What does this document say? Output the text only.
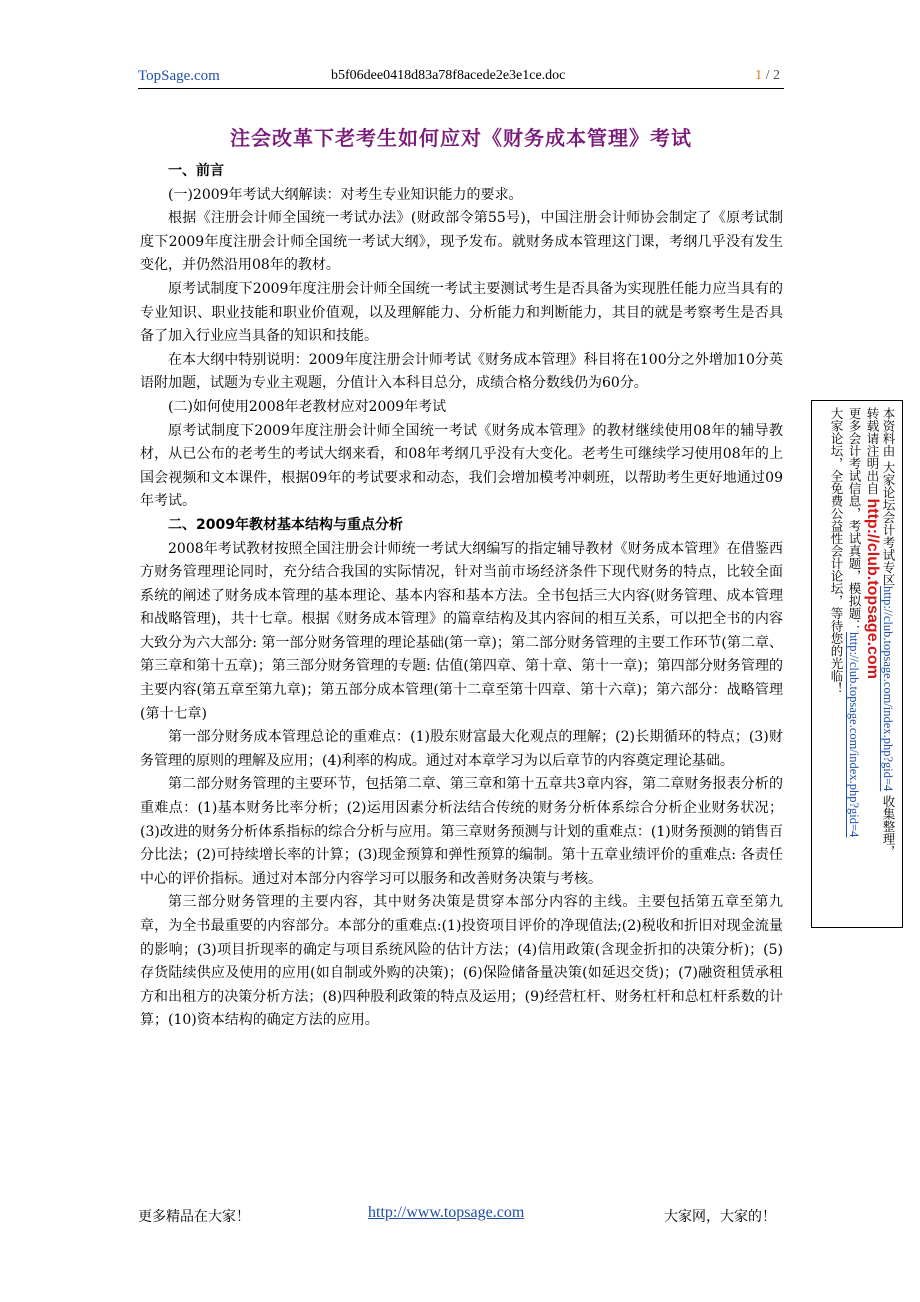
TopSage.com	b5f06dee0418d83a78f8acede2e3e1ce.doc	1 / 2
注会改革下老考生如何应对《财务成本管理》考试

一、前言

(一)2009年考试大纲解读：对考生专业知识能力的要求。

根据《注册会计师全国统一考试办法》(财政部令第55号)，中国注册会计师协会制定了《原考试制度下2009年度注册会计师全国统一考试大纲》，现予发布。就财务成本管理这门课，考纲几乎没有发生变化，并仍然沿用08年的教材。

原考试制度下2009年度注册会计师全国统一考试主要测试考生是否具备为实现胜任能力应当具有的专业知识、职业技能和职业价值观，以及理解能力、分析能力和判断能力，其目的就是考察考生是否具备了加入行业应当具备的知识和技能。

在本大纲中特别说明：2009年度注册会计师考试《财务成本管理》科目将在100分之外增加10分英语附加题，试题为专业主观题，分值计入本科目总分，成绩合格分数线仍为60分。

(二)如何使用2008年老教材应对2009年考试

原考试制度下2009年度注册会计师全国统一考试《财务成本管理》的教材继续使用08年的辅导教材，从已公布的老考生的考试大纲来看，和08年考纲几乎没有大变化。老考生可继续学习使用08年的上国会视频和文本课件，根据09年的考试要求和动态，我们会增加模考冲刺班，以帮助考生更好地通过09年考试。

二、2009年教材基本结构与重点分析

2008年考试教材按照全国注册会计师统一考试大纲编写的指定辅导教材《财务成本管理》在借鉴西方财务管理理论同时，充分结合我国的实际情况，针对当前市场经济条件下现代财务的特点，比较全面系统的阐述了财务成本管理的基本理论、基本内容和基本方法。全书包括三大内容(财务管理、成本管理和战略管理)，共十七章。根据《财务成本管理》的篇章结构及其内容间的相互关系，可以把全书的内容大致分为六大部分: 第一部分财务管理的理论基础(第一章)；第二部分财务管理的主要工作环节(第二章、第三章和第十五章)；第三部分财务管理的专题: 估值(第四章、第十章、第十一章)；第四部分财务管理的主要内容(第五章至第九章)；第五部分成本管理(第十二章至第十四章、第十六章)；第六部分：战略管理(第十七章)

第一部分财务成本管理总论的重难点：(1)股东财富最大化观点的理解；(2)长期循环的特点；(3)财务管理的原则的理解及应用；(4)利率的构成。通过对本章学习为以后章节的内容奠定理论基础。

第二部分财务管理的主要环节，包括第二章、第三章和第十五章共3章内容，第二章财务报表分析的重难点：(1)基本财务比率分析；(2)运用因素分析法结合传统的财务分析体系综合分析企业财务状况；(3)改进的财务分析体系指标的综合分析与应用。第三章财务预测与计划的重难点：(1)财务预测的销售百分比法；(2)可持续增长率的计算；(3)现金预算和弹性预算的编制。第十五章业绩评价的重难点: 各责任中心的评价指标。通过对本部分内容学习可以服务和改善财务决策与考核。

第三部分财务管理的主要内容，其中财务决策是贯穿本部分内容的主线。主要包括第五章至第九章，为全书最重要的内容部分。本部分的重难点:(1)投资项目评价的净现值法;(2)税收和折旧对现金流量的影响；(3)项目折现率的确定与项目系统风险的估计方法；(4)信用政策(含现金折扣的决策分析)；(5)存货陆续供应及使用的应用(如自制或外购的决策)；(6)保险储备量决策(如延迟交货)；(7)融资租赁承租方和出租方的决策分析方法；(8)四种股利政策的特点及运用；(9)经营杠杆、财务杠杆和总杠杆系数的计算；(10)资本结构的确定方法的应用。

本资料由 大家论坛会计考试专区http://club.topsage.com/index.php?gid=4 收集整理，
转载请注明出自 http://club.topsage.com
更多会计考试信息，考试真题，模拟题：http://club.topsage.com/index.php?gid=4
大家论坛，全免费公益性会计论坛，等待您的光临！
更多精品在大家！	http://www.topsage.com	大家网，大家的！
